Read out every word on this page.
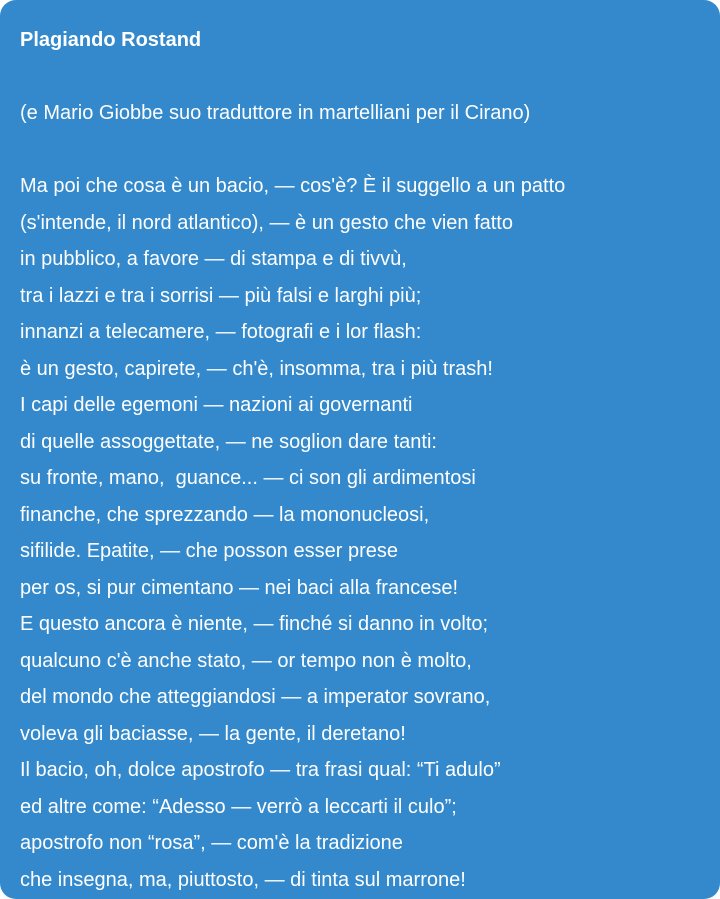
Plagiando Rostand

(e Mario Giobbe suo traduttore in martelliani per il Cirano)

Ma poi che cosa è un bacio, — cos'è? È il suggello a un patto

(s'intende, il nord atlantico), — è un gesto che vien fatto

in pubblico, a favore — di stampa e di tivvù,

tra i lazzi e tra i sorrisi — più falsi e larghi più;

innanzi a telecamere, — fotografi e i lor flash:

è un gesto, capirete, — ch'è, insomma, tra i più trash!

I capi delle egemoni — nazioni ai governanti

di quelle assoggettate, — ne soglion dare tanti:

su fronte, mano,  guance... — ci son gli ardimentosi

finanche, che sprezzando — la mononucleosi,

sifilide. Epatite, — che posson esser prese

per os, si pur cimentano — nei baci alla francese!

E questo ancora è niente, — finché si danno in volto;

qualcuno c'è anche stato, — or tempo non è molto,

del mondo che atteggiandosi — a imperator sovrano,

voleva gli baciasse, — la gente, il deretano!

Il bacio, oh, dolce apostrofo — tra frasi qual: “Ti adulo”

ed altre come: “Adesso — verrò a leccarti il culo”;

apostrofo non “rosa”, — com'è la tradizione

che insegna, ma, piuttosto, — di tinta sul marrone!
